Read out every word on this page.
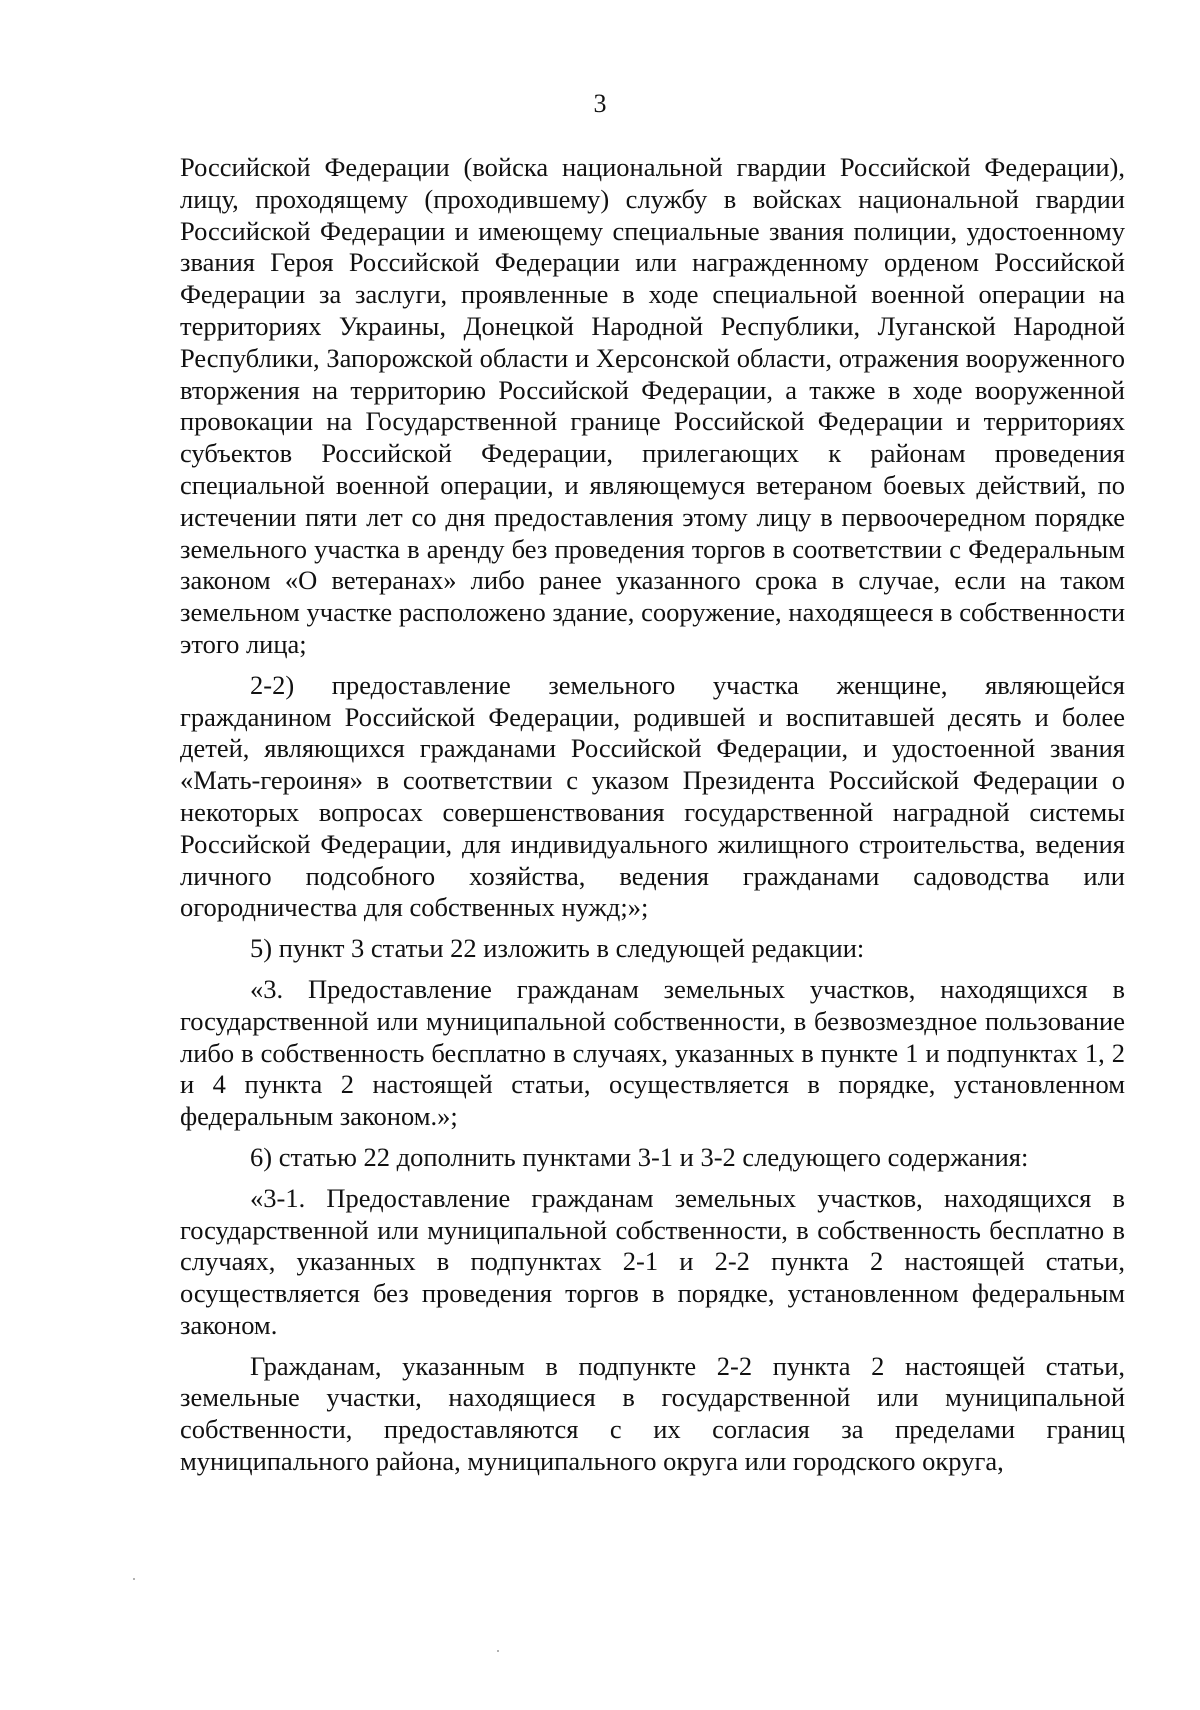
3

Российской Федерации (войска национальной гвардии Российской Федерации), лицу, проходящему (проходившему) службу в войсках национальной гвардии Российской Федерации и имеющему специальные звания полиции, удостоенному звания Героя Российской Федерации или награжденному орденом Российской Федерации за заслуги, проявленные в ходе специальной военной операции на территориях Украины, Донецкой Народной Республики, Луганской Народной Республики, Запорожской области и Херсонской области, отражения вооруженного вторжения на территорию Российской Федерации, а также в ходе вооруженной провокации на Государственной границе Российской Федерации и территориях субъектов Российской Федерации, прилегающих к районам проведения специальной военной операции, и являющемуся ветераном боевых действий, по истечении пяти лет со дня предоставления этому лицу в первоочередном порядке земельного участка в аренду без проведения торгов в соответствии с Федеральным законом «О ветеранах» либо ранее указанного срока в случае, если на таком земельном участке расположено здание, сооружение, находящееся в собственности этого лица;

2-2) предоставление земельного участка женщине, являющейся гражданином Российской Федерации, родившей и воспитавшей десять и более детей, являющихся гражданами Российской Федерации, и удостоенной звания «Мать-героиня» в соответствии с указом Президента Российской Федерации о некоторых вопросах совершенствования государственной наградной системы Российской Федерации, для индивидуального жилищного строительства, ведения личного подсобного хозяйства, ведения гражданами садоводства или огородничества для собственных нужд;»;

5) пункт 3 статьи 22 изложить в следующей редакции:

«3. Предоставление гражданам земельных участков, находящихся в государственной или муниципальной собственности, в безвозмездное пользование либо в собственность бесплатно в случаях, указанных в пункте 1 и подпунктах 1, 2 и 4 пункта 2 настоящей статьи, осуществляется в порядке, установленном федеральным законом.»;

6) статью 22 дополнить пунктами 3-1 и 3-2 следующего содержания:

«3-1. Предоставление гражданам земельных участков, находящихся в государственной или муниципальной собственности, в собственность бесплатно в случаях, указанных в подпунктах 2-1 и 2-2 пункта 2 настоящей статьи, осуществляется без проведения торгов в порядке, установленном федеральным законом.

Гражданам, указанным в подпункте 2-2 пункта 2 настоящей статьи, земельные участки, находящиеся в государственной или муниципальной собственности, предоставляются с их согласия за пределами границ муниципального района, муниципального округа или городского округа,
